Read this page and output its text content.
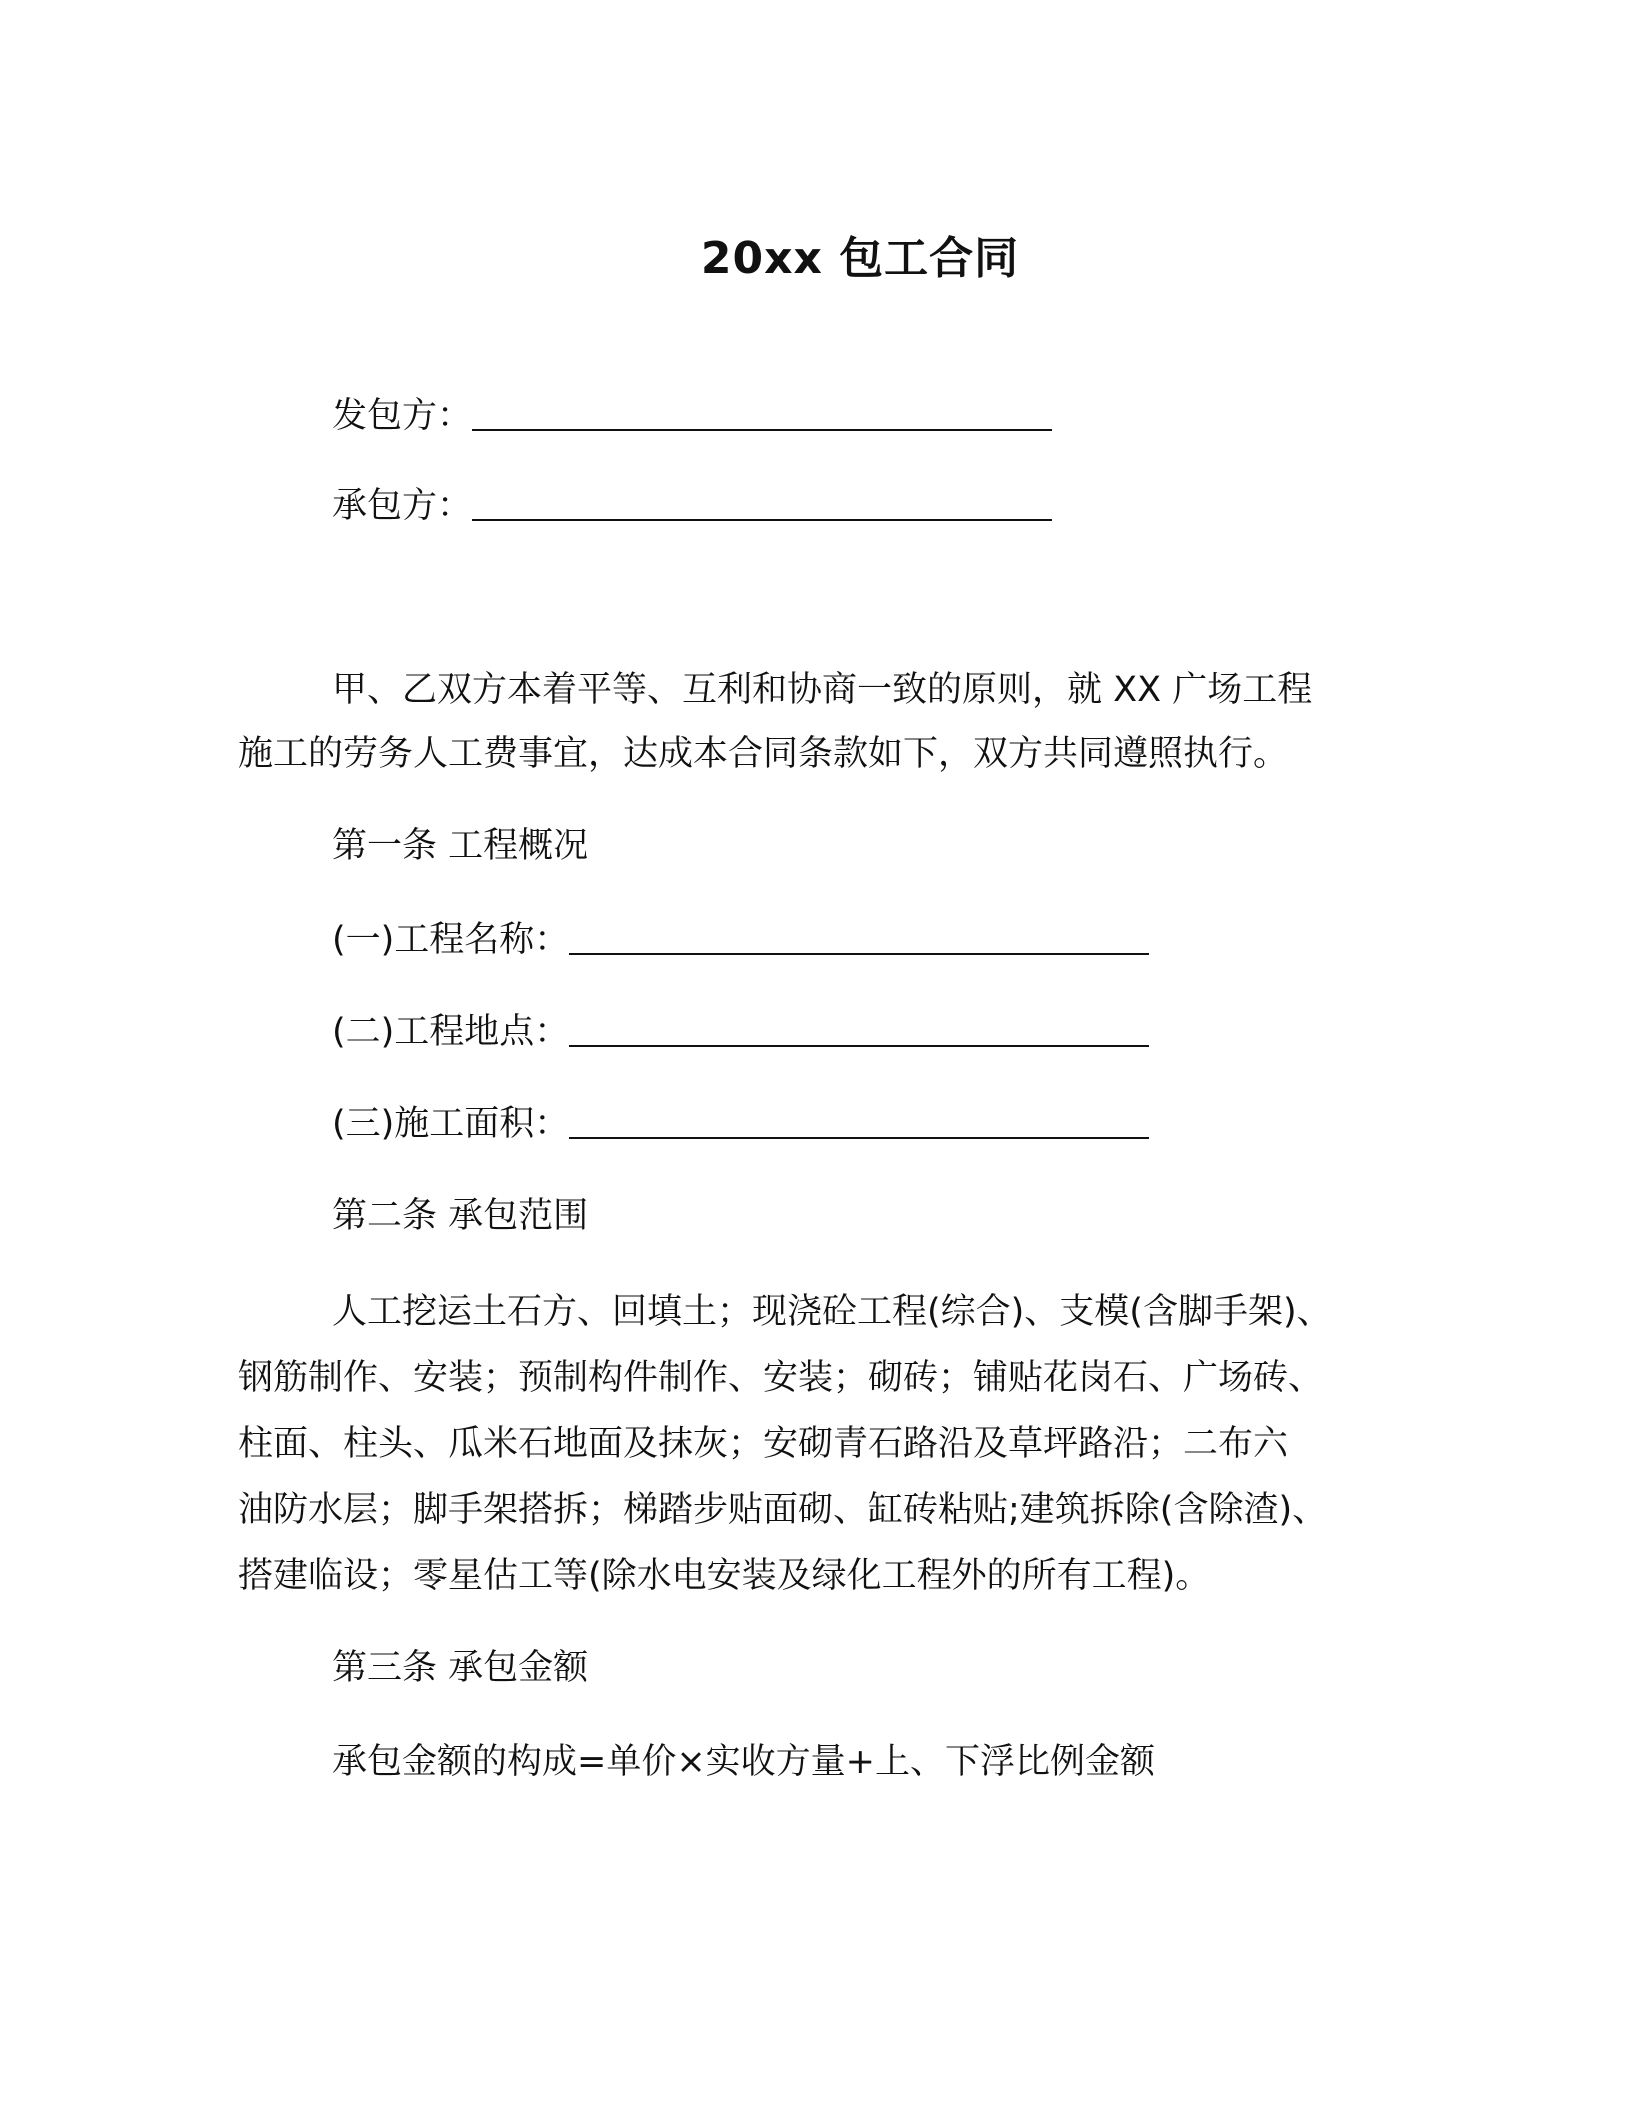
20xx 包工合同
发包方：
承包方：
甲、乙双方本着平等、互利和协商一致的原则，就 XX 广场工程
施工的劳务人工费事宜，达成本合同条款如下，双方共同遵照执行。
第一条 工程概况
(一)工程名称：
(二)工程地点：
(三)施工面积：
第二条 承包范围
人工挖运土石方、回填土；现浇砼工程(综合)、支模(含脚手架)、
钢筋制作、安装；预制构件制作、安装；砌砖；铺贴花岗石、广场砖、
柱面、柱头、瓜米石地面及抹灰；安砌青石路沿及草坪路沿；二布六
油防水层；脚手架搭拆；梯踏步贴面砌、缸砖粘贴;建筑拆除(含除渣)、
搭建临设；零星估工等(除水电安装及绿化工程外的所有工程)。
第三条 承包金额
承包金额的构成=单价×实收方量+上、下浮比例金额
